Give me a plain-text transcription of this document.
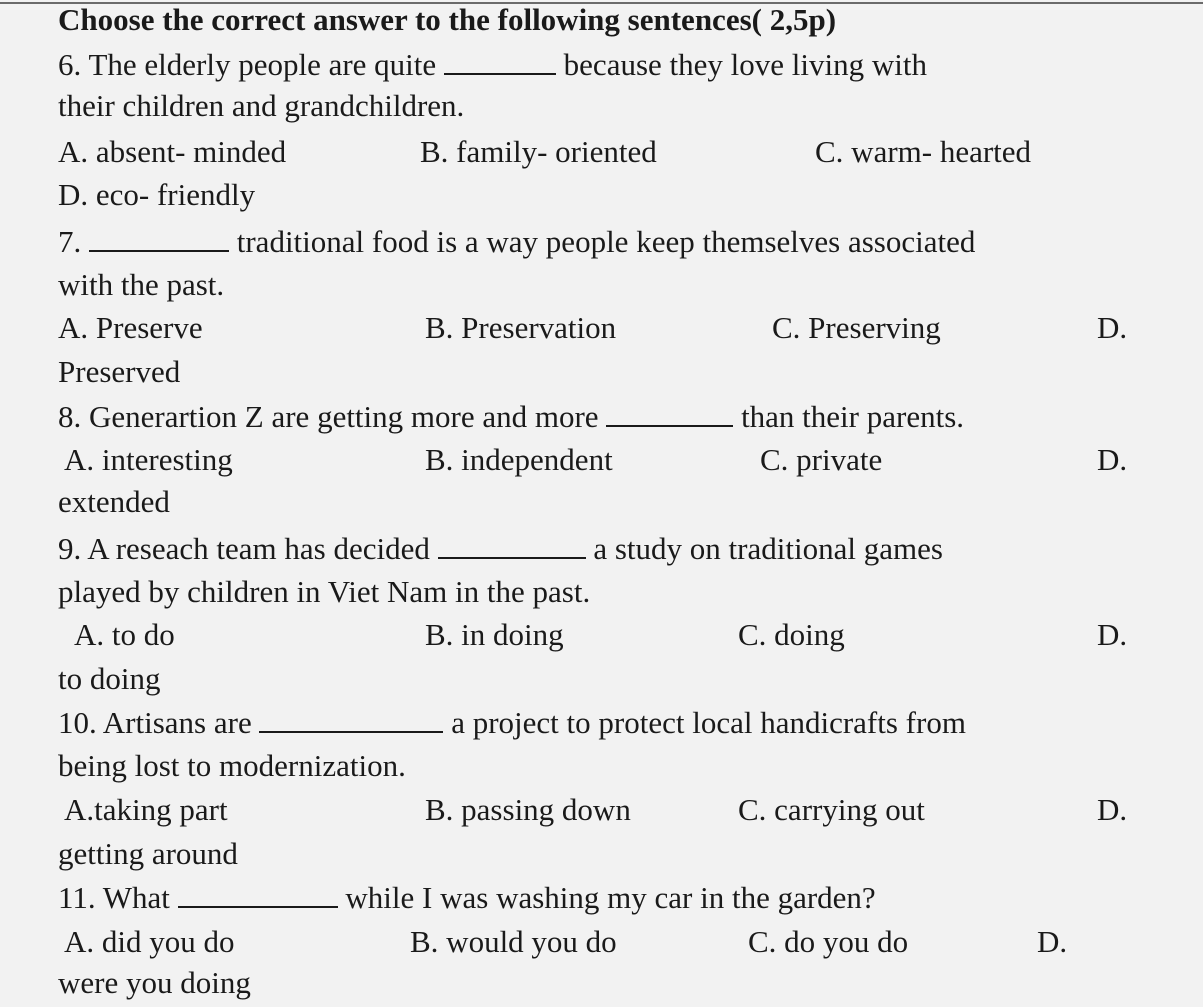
Choose the correct answer to the following sentences( 2,5p)
6. The elderly people are quite	because they love living with
their children and grandchildren.
A. absent- minded	B. family- oriented	C. warm- hearted
D. eco- friendly
7.	traditional food is a way people keep themselves associated
with the past.
A. Preserve	B. Preservation	C. Preserving	D.
Preserved
8. Generartion Z are getting more and more	than their parents.
A. interesting	B. independent	C. private	D.
extended
9. A reseach team has decided	a study on traditional games
played by children in Viet Nam in the past.
A. to do	B. in doing	C. doing	D.
to doing
10. Artisans are	a project to protect local handicrafts from
being lost to modernization.
A.taking part	B. passing down	C. carrying out	D.
getting around
11. What	while I was washing my car in the garden?
A. did you do	B. would you do	C. do you do	D.
were you doing
